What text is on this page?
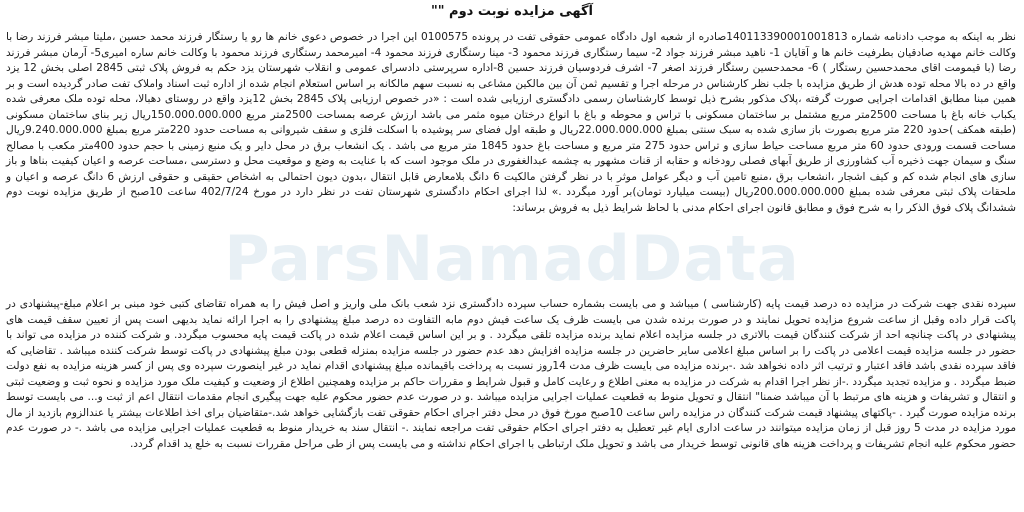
ParsNamadData
آگهی مزایده نوبت دوم ""

نظر به اینکه به موجب دادنامه شماره 140113390001001813صادره از شعبه اول دادگاه عمومی حقوقی تفت در پرونده 0100575 این اجرا در خصوص دعوی خانم ها رو یا رستگار فرزند محمد حسین ،ملیتا مبشر فرزند رضا با وکالت خانم مهدیه صادقیان بطرفیت خانم ها و آقایان 1- ناهید مبشر فرزند جواد 2- سیما رستگاری فرزند محمود 3- مینا رستگاری فرزند محمود 4- امیرمحمد رستگاری فرزند محمود با وکالت خانم ساره امیری5- آرمان مبشر فرزند رضا (با قیمومت اقای محمدحسین رستگار ) 6- محمدحسین رستگار فرزند اصغر 7- اشرف فردوسیان فرزند حسین 8-اداره سرپرستی دادسرای عمومی و انقلاب شهرستان یزد حکم به فروش پلاک ثبتی 2845 اصلی بخش 12 یزد واقع در ده بالا محله توده هدش از طریق مزایده با جلب نظر کارشناس در مرحله اجرا و تقسیم ثمن آن بین مالکین مشاعی به نسبت سهم مالکانه بر اساس استعلام انجام شده از اداره ثبت اسناد واملاک تفت صادر گردیده است و بر همین مبنا مطابق اقدامات اجرایی صورت گرفته ،پلاک مذکور بشرح ذیل توسط کارشناسان رسمی دادگستری ارزیابی شده است : «در خصوص ارزیابی پلاک 2845 بخش 12یزد واقع در روستای دهبالا، محله توده ملک معرفی شده یکباب خانه باغ با مساحت 2500متر مربع مشتمل بر ساختمان مسکونی با تراس و محوطه و باغ با انواع درختان میوه مثمر می باشد ارزش عرصه بمساحت 2500متر مربع 150.000.000.000ریال زیر بنای ساختمان مسکونی (طبقه همکف )حدود 220 متر مربع بصورت باز سازی شده به سبک سنتی بمبلغ 22.000.000.000ریال و طبقه اول فضای سر پوشیده با اسکلت فلزی و سقف شیروانی به مساحت حدود 220متر مربع بمبلغ 9.240.000.000ریال مساحت قسمت ورودی حدود 60 متر مربع مساحت حیاط سازی و تراس حدود 275 متر مربع و مساحت باغ حدود 1845 متر مربع می باشد . یک انشعاب برق در محل دایر و یک منبع زمینی با حجم حدود 400متر مکعب با مصالح سنگ و سیمان جهت ذخیره آب کشاورزی از طریق آبهای فصلی رودخانه و حقابه از قنات مشهور به چشمه عبدالغفوری در ملک موجود است که با عنایت به وضع و موقعیت محل و دسترسی ،مساحت عرصه و اعیان کیفیت بناها و باز سازی های انجام شده کم و کیف اشجار ،انشعاب برق ،منبع تامین آب و دیگر عوامل موثر با در نظر گرفتن مالکیت 6 دانگ بلامعارض قابل انتقال ،بدون دیون احتمالی به اشخاص حقیقی و حقوقی ارزش 6 دانگ عرصه و اعیان و ملحقات پلاک ثبتی معرفی شده بمبلغ 200.000.000.000ریال (بیست میلیارد تومان)بر آورد میگردد .» لذا اجرای احکام دادگستری شهرستان تفت در نظر دارد در مورخ 402/7/24 ساعت 10صبح از طریق مزایده نوبت دوم ششدانگ پلاک فوق الذکر را به شرح فوق و مطابق قانون اجرای احکام مدنی با لحاظ شرایط ذیل به فروش برساند:

سپرده نقدی جهت شرکت در مزایده ده درصد قیمت پایه (کارشناسی ) میباشد و می بایست بشماره حساب سپرده دادگستری نزد شعب بانک ملی واریز و اصل فیش را به همراه تقاضای کتبی خود مبنی بر اعلام مبلغ-پیشنهادی در پاکت قرار داده وقبل از ساعت شروع مزایده تحویل نمایند و در صورت برنده شدن می بایست ظرف یک ساعت فیش دوم مابه التفاوت ده درصد مبلغ پیشنهادی را به اجرا ارائه نماید بدیهی است پس از تعیین سقف قیمت های پیشنهادی در پاکت چنانچه احد از شرکت کنندگان قیمت بالاتری در جلسه مزایده اعلام نماید برنده مزایده تلقی میگردد . و بر این اساس قیمت اعلام شده در پاکت قیمت پایه محسوب میگردد. و شرکت کننده در مزایده می تواند با حضور در جلسه مزایده قیمت اعلامی در پاکت را بر اساس مبلغ اعلامی سایر حاضرین در جلسه مزایده افزایش دهد عدم حضور در جلسه مزایده بمنزله قطعی بودن مبلغ پیشنهادی در پاکت توسط شرکت کننده میباشد . تقاضایی که فاقد سپرده نقدی باشد فاقد اعتبار و ترتیب اثر داده نخواهد شد .-برنده مزایده می بایست ظرف مدت 14روز نسبت به پرداخت باقیمانده مبلغ پیشنهادی اقدام نماید در غیر اینصورت سپرده وی پس از کسر هزینه مزایده به نفع دولت ضبط میگردد . و مزایده تجدید میگردد .-از نظر اجرا اقدام به شرکت در مزایده به معنی اطلاع و رعایت کامل و قبول شرایط و مقررات حاکم بر مزایده وهمچنین اطلاع از وضعیت و کیفیت ملک مورد مزایده و نحوه ثبت و وضعیت ثبتی و انتقال و تشریفات و هزینه های مرتبط با آن میباشد ضمنا" انتقال و تحویل منوط به قطعیت عملیات اجرایی مزایده میباشد .و در صورت عدم حضور محکوم علیه جهت پیگیری انجام مقدمات انتقال اعم از ثبت و... می بایست توسط برنده مزایده صورت گیرد . -پاکتهای پیشنهاد قیمت شرکت کنندگان در مزایده راس ساعت 10صبح مورخ فوق در محل دفتر اجرای احکام حقوقی تفت بازگشایی خواهد شد.-متقاضیان برای اخذ اطلاعات بیشتر یا عندالزوم بازدید از مال مورد مزایده در مدت 5 روز قبل از زمان مزایده میتوانند در ساعت اداری ایام غیر تعطیل به دفتر اجرای احکام حقوقی تفت مراجعه نمایند .- انتقال سند به خریدار منوط به قطعیت عملیات اجرایی مزایده می باشد .- در صورت عدم حضور محکوم علیه انجام تشریفات و پرداخت هزینه های قانونی توسط خریدار می باشد و تحویل ملک ارتباطی با اجرای احکام نداشته و می بایست پس از طی مراحل مقررات نسبت به خلع ید اقدام گردد.
